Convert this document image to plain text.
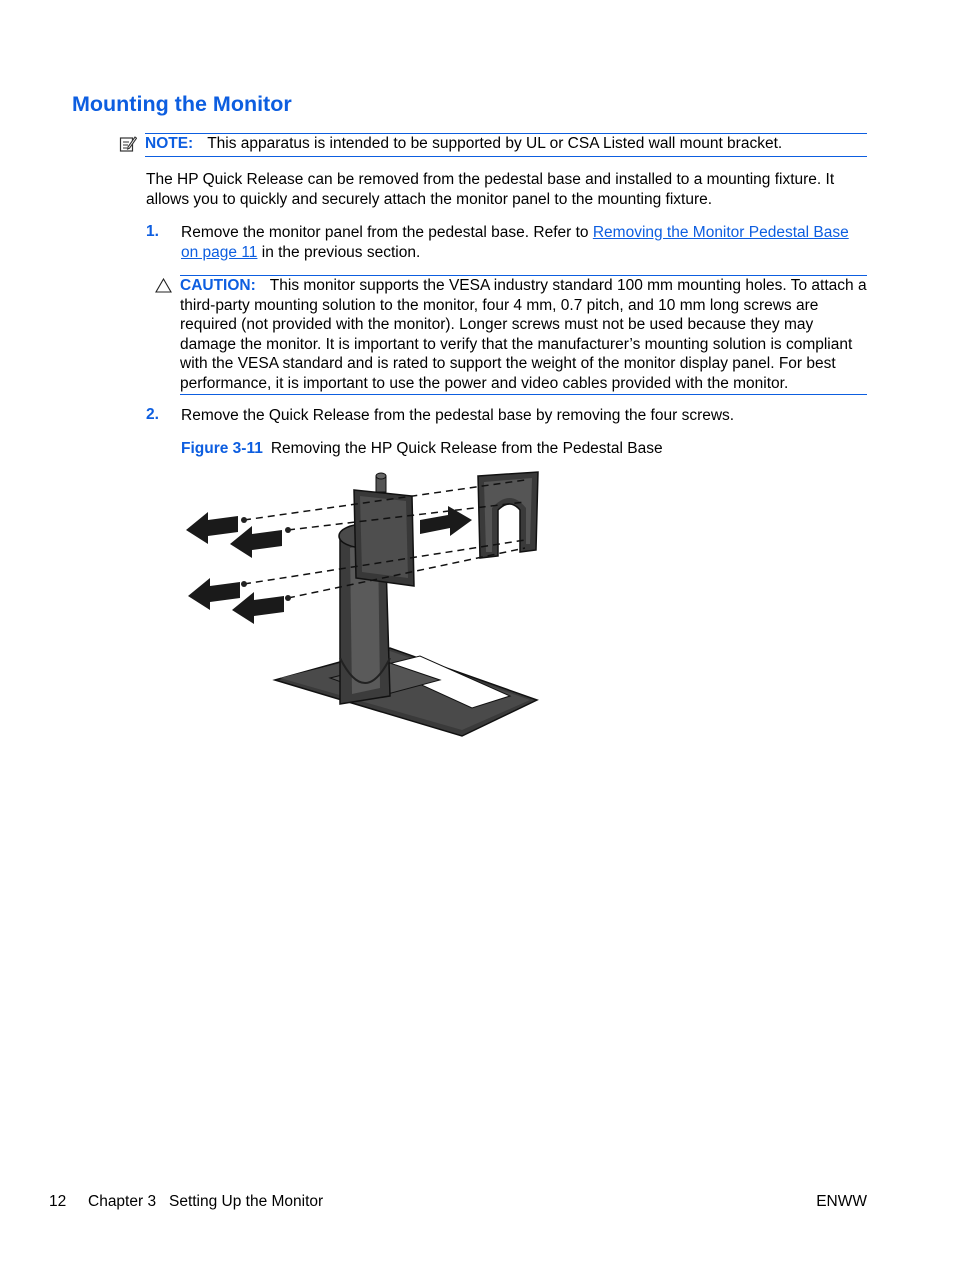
Mounting the Monitor
NOTE: This apparatus is intended to be supported by UL or CSA Listed wall mount bracket.
The HP Quick Release can be removed from the pedestal base and installed to a mounting fixture. It allows you to quickly and securely attach the monitor panel to the mounting fixture.
1. Remove the monitor panel from the pedestal base. Refer to Removing the Monitor Pedestal Base on page 11 in the previous section.
CAUTION: This monitor supports the VESA industry standard 100 mm mounting holes. To attach a third-party mounting solution to the monitor, four 4 mm, 0.7 pitch, and 10 mm long screws are required (not provided with the monitor). Longer screws must not be used because they may damage the monitor. It is important to verify that the manufacturer’s mounting solution is compliant with the VESA standard and is rated to support the weight of the monitor display panel. For best performance, it is important to use the power and video cables provided with the monitor.
2. Remove the Quick Release from the pedestal base by removing the four screws.
Figure 3-11 Removing the HP Quick Release from the Pedestal Base
12 Chapter 3   Setting Up the Monitor	ENWW
